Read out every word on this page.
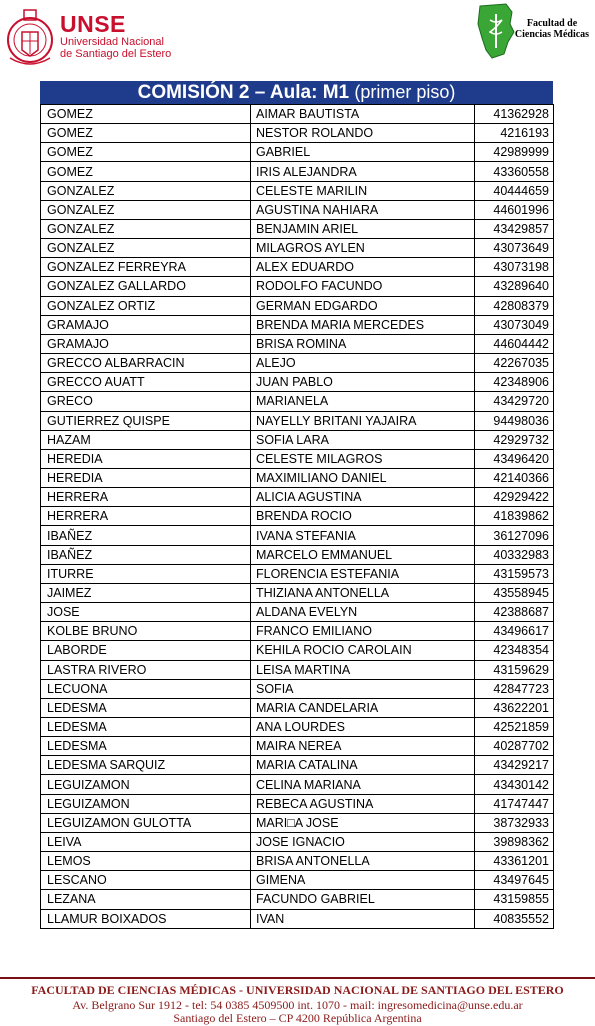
UNSE
Universidad Nacional
de Santiago del Estero
Facultad de
Ciencias Médicas
COMISIÓN 2 – Aula: M1 (primer piso)
GOMEZ	AIMAR BAUTISTA	41362928
GOMEZ	NESTOR ROLANDO	4216193
GOMEZ	GABRIEL	42989999
GOMEZ	IRIS ALEJANDRA	43360558
GONZALEZ	CELESTE MARILIN	40444659
GONZALEZ	AGUSTINA NAHIARA	44601996
GONZALEZ	BENJAMIN ARIEL	43429857
GONZALEZ	MILAGROS AYLEN	43073649
GONZALEZ FERREYRA	ALEX EDUARDO	43073198
GONZALEZ GALLARDO	RODOLFO FACUNDO	43289640
GONZALEZ ORTIZ	GERMAN EDGARDO	42808379
GRAMAJO	BRENDA MARIA MERCEDES	43073049
GRAMAJO	BRISA ROMINA	44604442
GRECCO ALBARRACIN	ALEJO	42267035
GRECCO AUATT	JUAN PABLO	42348906
GRECO	MARIANELA	43429720
GUTIERREZ QUISPE	NAYELLY BRITANI YAJAIRA	94498036
HAZAM	SOFIA LARA	42929732
HEREDIA	CELESTE MILAGROS	43496420
HEREDIA	MAXIMILIANO DANIEL	42140366
HERRERA	ALICIA AGUSTINA	42929422
HERRERA	BRENDA ROCIO	41839862
IBAÑEZ	IVANA STEFANIA	36127096
IBAÑEZ	MARCELO EMMANUEL	40332983
ITURRE	FLORENCIA ESTEFANIA	43159573
JAIMEZ	THIZIANA ANTONELLA	43558945
JOSE	ALDANA EVELYN	42388687
KOLBE BRUNO	FRANCO EMILIANO	43496617
LABORDE	KEHILA ROCIO CAROLAIN	42348354
LASTRA RIVERO	LEISA MARTINA	43159629
LECUONA	SOFIA	42847723
LEDESMA	MARIA CANDELARIA	43622201
LEDESMA	ANA LOURDES	42521859
LEDESMA	MAIRA NEREA	40287702
LEDESMA SARQUIZ	MARIA CATALINA	43429217
LEGUIZAMON	CELINA MARIANA	43430142
LEGUIZAMON	REBECA AGUSTINA	41747447
LEGUIZAMON GULOTTA	MARI□A JOSE	38732933
LEIVA	JOSE IGNACIO	39898362
LEMOS	BRISA ANTONELLA	43361201
LESCANO	GIMENA	43497645
LEZANA	FACUNDO GABRIEL	43159855
LLAMUR BOIXADOS	IVAN	40835552
FACULTAD DE CIENCIAS MÉDICAS - UNIVERSIDAD NACIONAL DE SANTIAGO DEL ESTERO
Av. Belgrano Sur 1912 - tel: 54 0385 4509500 int. 1070 - mail: ingresomedicina@unse.edu.ar
Santiago del Estero – CP 4200 República Argentina
